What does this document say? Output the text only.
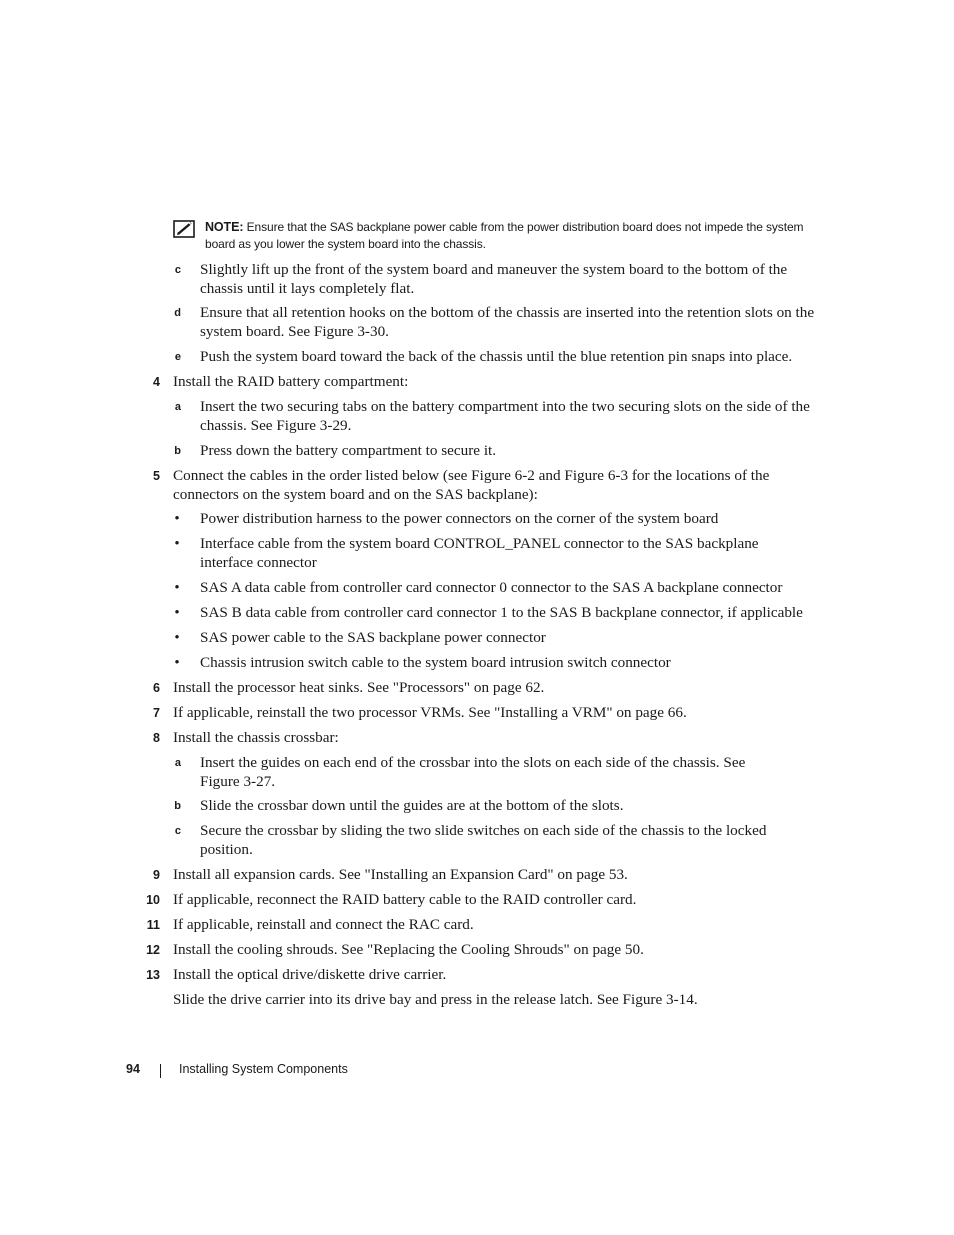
NOTE: Ensure that the SAS backplane power cable from the power distribution board does not impede the system board as you lower the system board into the chassis.
c Slightly lift up the front of the system board and maneuver the system board to the bottom of the chassis until it lays completely flat.
d Ensure that all retention hooks on the bottom of the chassis are inserted into the retention slots on the system board. See Figure 3-30.
e Push the system board toward the back of the chassis until the blue retention pin snaps into place.
4 Install the RAID battery compartment:
a Insert the two securing tabs on the battery compartment into the two securing slots on the side of the chassis. See Figure 3-29.
b Press down the battery compartment to secure it.
5 Connect the cables in the order listed below (see Figure 6-2 and Figure 6-3 for the locations of the connectors on the system board and on the SAS backplane):
• Power distribution harness to the power connectors on the corner of the system board
• Interface cable from the system board CONTROL_PANEL connector to the SAS backplane interface connector
• SAS A data cable from controller card connector 0 connector to the SAS A backplane connector
• SAS B data cable from controller card connector 1 to the SAS B backplane connector, if applicable
• SAS power cable to the SAS backplane power connector
• Chassis intrusion switch cable to the system board intrusion switch connector
6 Install the processor heat sinks. See "Processors" on page 62.
7 If applicable, reinstall the two processor VRMs. See "Installing a VRM" on page 66.
8 Install the chassis crossbar:
a Insert the guides on each end of the crossbar into the slots on each side of the chassis. See Figure 3-27.
b Slide the crossbar down until the guides are at the bottom of the slots.
c Secure the crossbar by sliding the two slide switches on each side of the chassis to the locked position.
9 Install all expansion cards. See "Installing an Expansion Card" on page 53.
10 If applicable, reconnect the RAID battery cable to the RAID controller card.
11 If applicable, reinstall and connect the RAC card.
12 Install the cooling shrouds. See "Replacing the Cooling Shrouds" on page 50.
13 Install the optical drive/diskette drive carrier.
Slide the drive carrier into its drive bay and press in the release latch. See Figure 3-14.
94	Installing System Components
